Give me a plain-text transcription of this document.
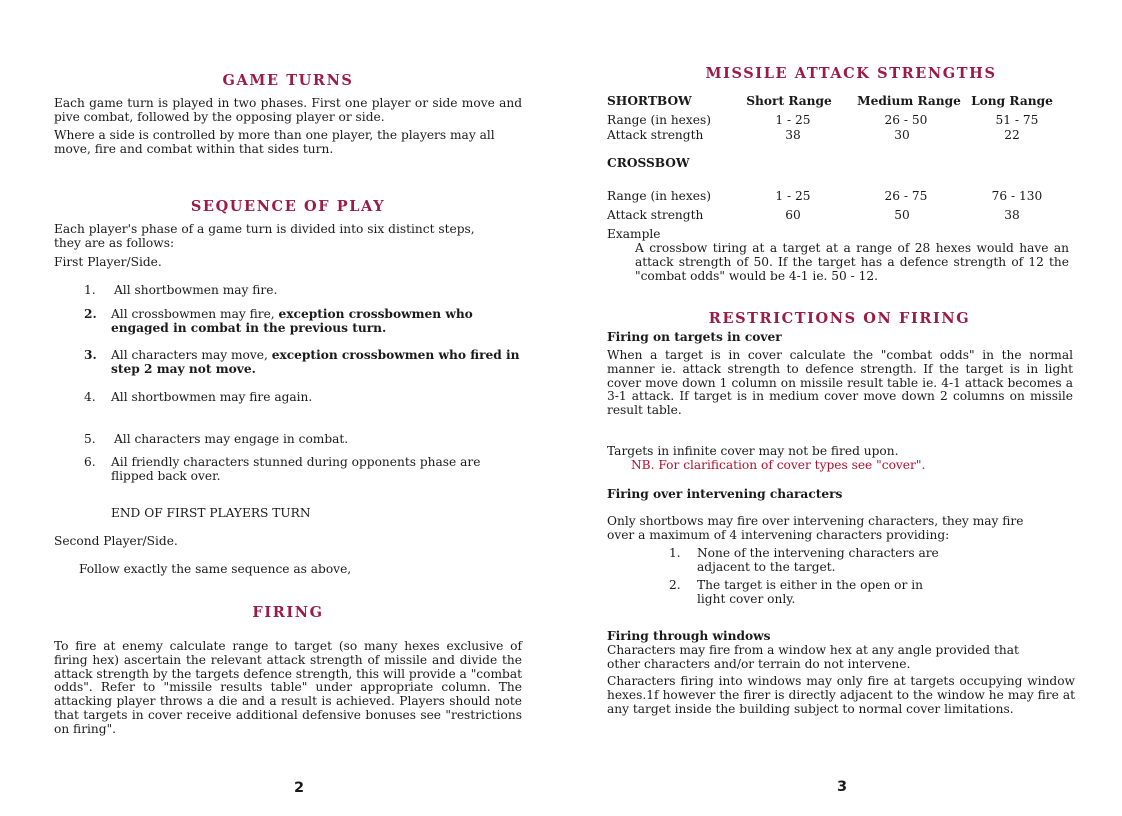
GAME TURNS

Each game turn is played in two phases. First one player or side move and pive combat, followed by the opposing player or side.

Where a side is controlled by more than one player, the players may all move, fire and combat within that sides turn.

SEQUENCE OF PLAY

Each player's phase of a game turn is divided into six distinct steps, they are as follows:

First Player/Side.

1. All shortbowmen may fire.
2. All crossbowmen may fire, exception crossbowmen who engaged in combat in the previous turn.

3. All characters may move, exception crossbowmen who fired in step 2 may not move.

4. All shortbowmen may fire again.
5. All characters may engage in combat.
6. Ail friendly characters stunned during opponents phase are flipped back over.

END OF FIRST PLAYERS TURN

Second Player/Side.

Follow exactly the same sequence as above,

FIRING

To fire at enemy calculate range to target (so many hexes exclusive of firing hex) ascertain the relevant attack strength of missile and divide the attack strength by the targets defence strength, this will provide a "combat odds". Refer to "missile results table" under appropriate column. The attacking player throws a die and a result is achieved. Players should note that targets in cover receive additional defensive bonuses see "restrictions on firing".

2
MISSILE ATTACK STRENGTHS
SHORTBOW	Short Range	Medium Range Long Range
Range (in hexes)	1 - 25	26 - 50	51 - 75
Attack strength	38	30	22
CROSSBOW
Range (in hexes)	1 - 25	26 - 75	76 - 130
Attack strength	60	50	38
Example

A crossbow tiring at a target at a range of 28 hexes would have an attack strength of 50. If the target has a defence strength of 12 the "combat odds" would be 4-1 ie. 50 - 12.

RESTRICTIONS ON FIRING
Firing on targets in cover

When a target is in cover calculate the "combat odds" in the normal manner ie. attack strength to defence strength. If the target is in light cover move down 1 column on missile result table ie. 4-1 attack becomes a 3-1 attack. If target is in medium cover move down 2 columns on missile result table.

Targets in infinite cover may not be fired upon.

NB. For clarification of cover types see "cover".

Firing over intervening characters

Only shortbows may fire over intervening characters, they may fire over a maximum of 4 intervening characters providing:

1. None of the intervening characters are adjacent to the target.

2. The target is either in the open or in light cover only.

Firing through windows

Characters may fire from a window hex at any angle provided that other characters and/or terrain do not intervene.

Characters firing into windows may only fire at targets occupying window hexes.1f however the firer is directly adjacent to the window he may fire at any target inside the building subject to normal cover limitations.

3
